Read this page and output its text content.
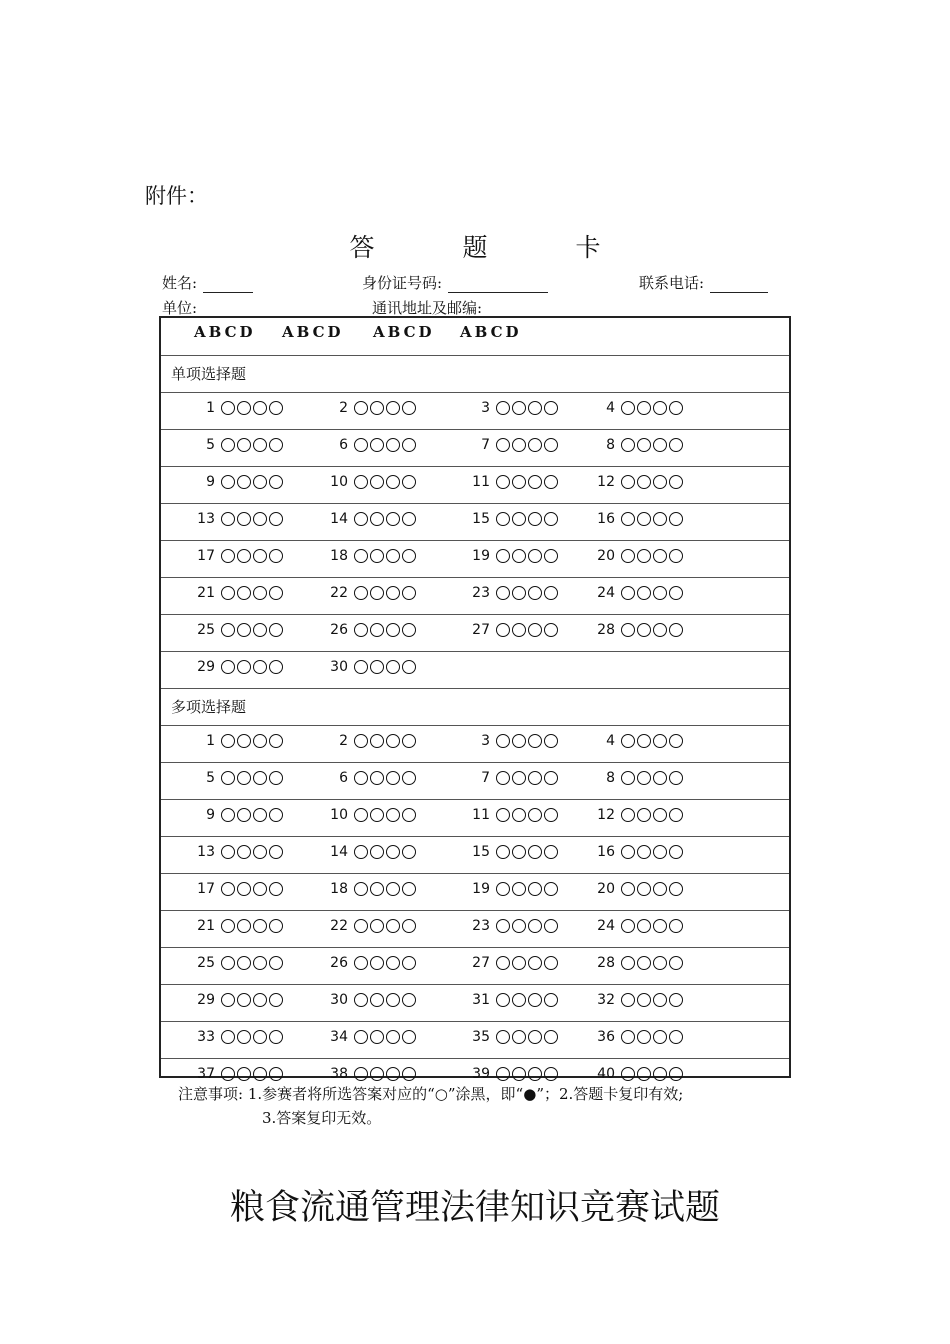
附件：
答 题 卡
姓名:	身份证号码:	联系电话:
单位:	通讯地址及邮编:
ABCD ABCD ABCD ABCD
单项选择题
1	2	3	4
5	6	7	8
9	10	11	12
13	14	15	16
17	18	19	20
21	22	23	24
25	26	27	28
29	30
多项选择题
1	2	3	4
5	6	7	8
9	10	11	12
13	14	15	16
17	18	19	20
21	22	23	24
25	26	27	28
29	30	31	32
33	34	35	36
37	38	39	40
注意事项: 1.参赛者将所选答案对应的“○”涂黑，即“●”；2.答题卡复印有效;
3.答案复印无效。
粮食流通管理法律知识竞赛试题
